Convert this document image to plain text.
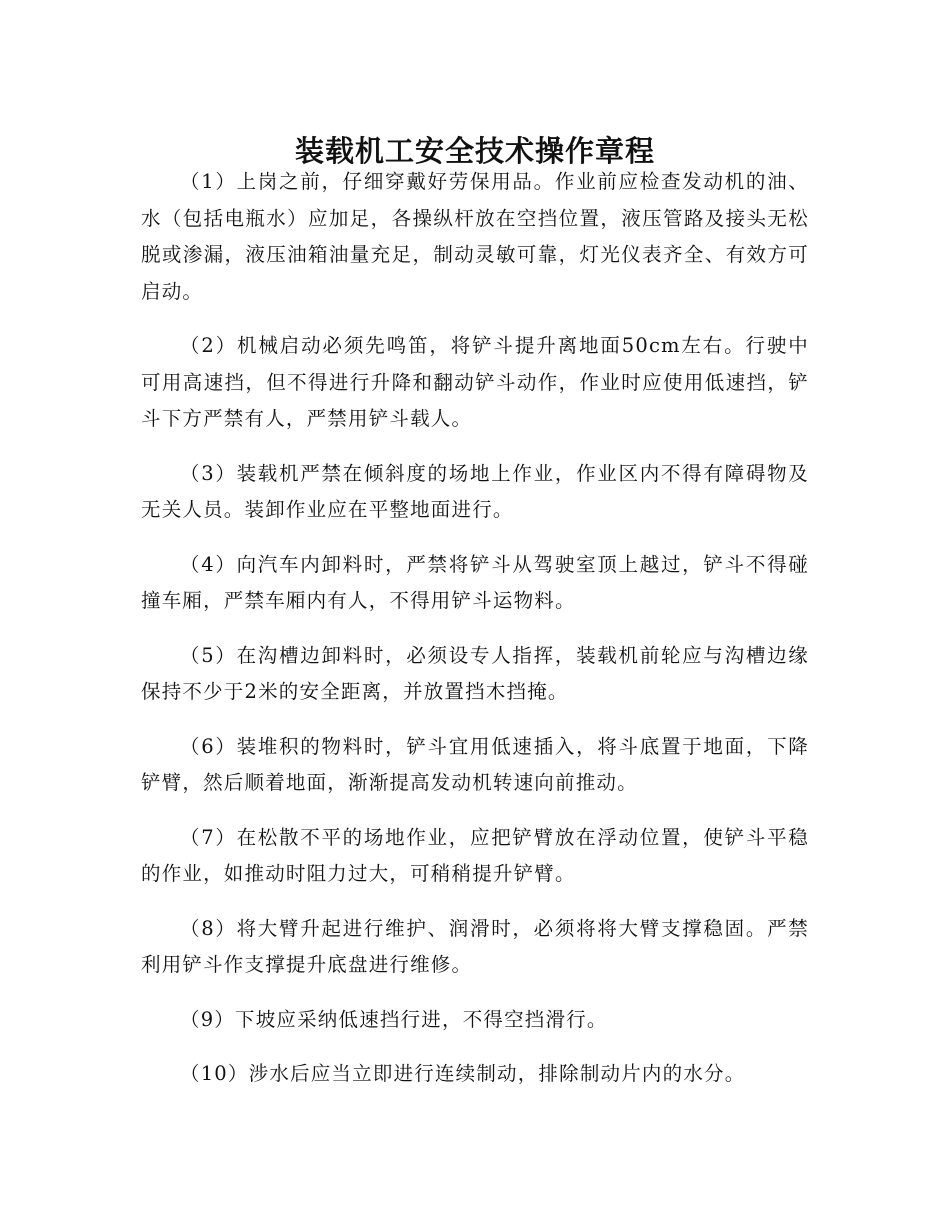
装载机工安全技术操作章程

（1）上岗之前，仔细穿戴好劳保用品。作业前应检查发动机的油、水（包括电瓶水）应加足，各操纵杆放在空挡位置，液压管路及接头无松脱或渗漏，液压油箱油量充足，制动灵敏可靠，灯光仪表齐全、有效方可启动。

（2）机械启动必须先鸣笛，将铲斗提升离地面50cm左右。行驶中可用高速挡，但不得进行升降和翻动铲斗动作，作业时应使用低速挡，铲斗下方严禁有人，严禁用铲斗载人。

（3）装载机严禁在倾斜度的场地上作业，作业区内不得有障碍物及无关人员。装卸作业应在平整地面进行。

（4）向汽车内卸料时，严禁将铲斗从驾驶室顶上越过，铲斗不得碰撞车厢，严禁车厢内有人，不得用铲斗运物料。

（5）在沟槽边卸料时，必须设专人指挥，装载机前轮应与沟槽边缘保持不少于2米的安全距离，并放置挡木挡掩。

（6）装堆积的物料时，铲斗宜用低速插入，将斗底置于地面，下降铲臂，然后顺着地面，渐渐提高发动机转速向前推动。

（7）在松散不平的场地作业，应把铲臂放在浮动位置，使铲斗平稳的作业，如推动时阻力过大，可稍稍提升铲臂。

（8）将大臂升起进行维护、润滑时，必须将将大臂支撑稳固。严禁利用铲斗作支撑提升底盘进行维修。

（9）下坡应采纳低速挡行进，不得空挡滑行。

（10）涉水后应当立即进行连续制动，排除制动片内的水分。
